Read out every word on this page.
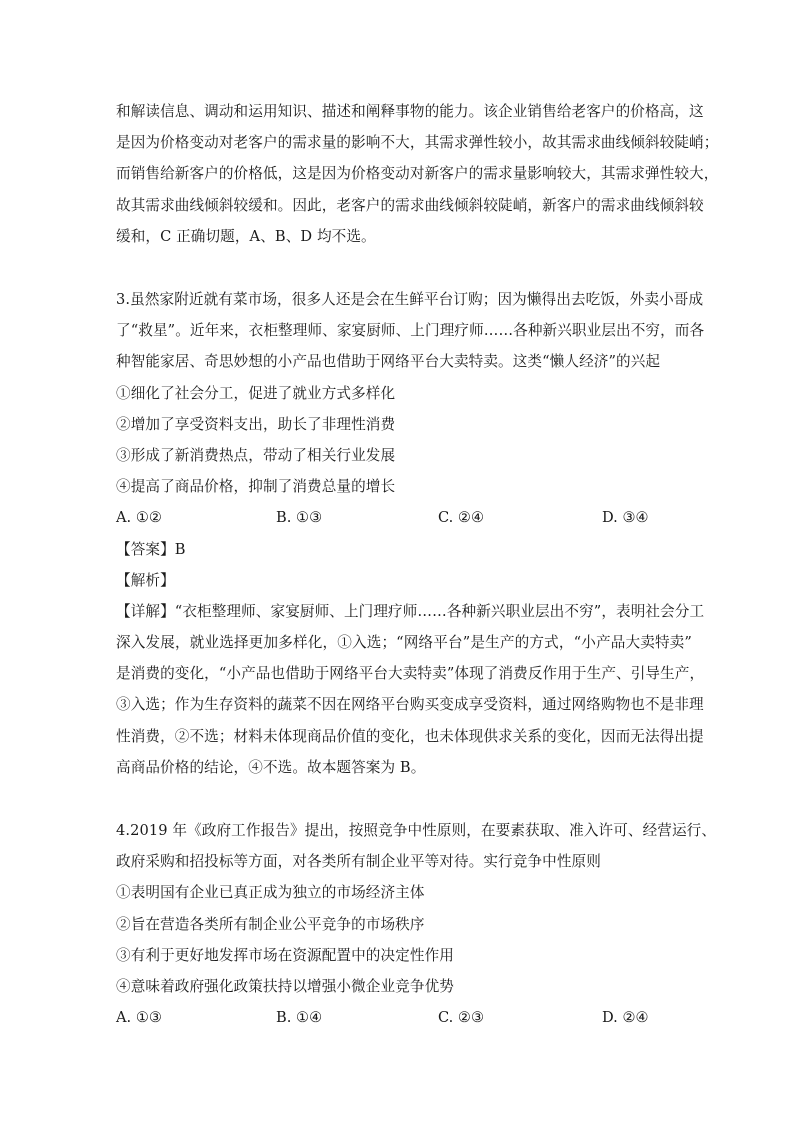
和解读信息、调动和运用知识、描述和阐释事物的能力。该企业销售给老客户的价格高，这
是因为价格变动对老客户的需求量的影响不大，其需求弹性较小，故其需求曲线倾斜较陡峭；
而销售给新客户的价格低，这是因为价格变动对新客户的需求量影响较大，其需求弹性较大，
故其需求曲线倾斜较缓和。因此，老客户的需求曲线倾斜较陡峭，新客户的需求曲线倾斜较
缓和，C 正确切题，A、B、D 均不选。
3.虽然家附近就有菜市场，很多人还是会在生鲜平台订购；因为懒得出去吃饭，外卖小哥成
了“救星”。近年来，衣柜整理师、家宴厨师、上门理疗师……各种新兴职业层出不穷，而各
种智能家居、奇思妙想的小产品也借助于网络平台大卖特卖。这类“懒人经济”的兴起
①细化了社会分工，促进了就业方式多样化
②增加了享受资料支出，助长了非理性消费
③形成了新消费热点，带动了相关行业发展
④提高了商品价格，抑制了消费总量的增长
A. ①②	B. ①③	C. ②④	D. ③④
【答案】B
【解析】
【详解】“衣柜整理师、家宴厨师、上门理疗师……各种新兴职业层出不穷”，表明社会分工
深入发展，就业选择更加多样化，①入选；“网络平台”是生产的方式，“小产品大卖特卖”
是消费的变化，“小产品也借助于网络平台大卖特卖”体现了消费反作用于生产、引导生产，
③入选；作为生存资料的蔬菜不因在网络平台购买变成享受资料，通过网络购物也不是非理
性消费，②不选；材料未体现商品价值的变化，也未体现供求关系的变化，因而无法得出提
高商品价格的结论，④不选。故本题答案为 B。
4.2019 年《政府工作报告》提出，按照竞争中性原则，在要素获取、准入许可、经营运行、
政府采购和招投标等方面，对各类所有制企业平等对待。实行竞争中性原则
①表明国有企业已真正成为独立的市场经济主体
②旨在营造各类所有制企业公平竞争的市场秩序
③有利于更好地发挥市场在资源配置中的决定性作用
④意味着政府强化政策扶持以增强小微企业竞争优势
A. ①③	B. ①④	C. ②③	D. ②④
